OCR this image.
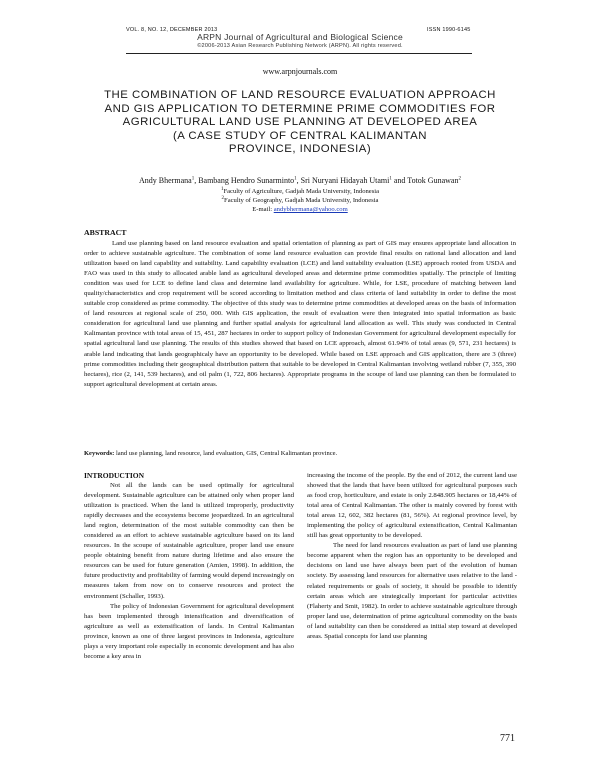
VOL. 8, NO. 12, DECEMBER 2013	ISSN 1990-6145
ARPN Journal of Agricultural and Biological Science
©2006-2013 Asian Research Publishing Network (ARPN). All rights reserved.
www.arpnjournals.com
THE COMBINATION OF LAND RESOURCE EVALUATION APPROACH
AND GIS APPLICATION TO DETERMINE PRIME COMMODITIES FOR
AGRICULTURAL LAND USE PLANNING AT DEVELOPED AREA
(A CASE STUDY OF CENTRAL KALIMANTAN
PROVINCE, INDONESIA)
Andy Bhermana$^1$, Bambang Hendro Sunarminto$^1$, Sri Nuryani Hidayah Utami$^1$ and Totok Gunawan$^2$
$^1$Faculty of Agriculture, Gadjah Mada University, Indonesia
$^2$Faculty of Geography, Gadjah Mada University, Indonesia
E-mail: andybhermana@yahoo.com
ABSTRACT

Land use planning based on land resource evaluation and spatial orientation of planning as part of GIS may ensures appropriate land allocation in order to achieve sustainable agriculture. The combination of some land resource evaluation can provide final results on rational land allocation and land utilization based on land capability and suitability. Land capability evaluation (LCE) and land suitability evaluation (LSE) approach rooted from USDA and FAO was used in this study to allocated arable land as agricultural developed areas and determine prime commodities spatially. The principle of limiting condition was used for LCE to define land class and determine land availability for agriculture. While, for LSE, procedure of matching between land quality/characteristics and crop requirement will be scored according to limitation method and class criteria of land suitability in order to define the most suitable crop considered as prime commodity. The objective of this study was to determine prime commodities at developed areas on the basis of information of land resources at regional scale of 250, 000. With GIS application, the result of evaluation were then integrated into spatial information as basic consideration for agricultural land use planning and further spatial analysis for agricultural land allocation as well. This study was conducted in Central Kalimantan province with total areas of 15, 451, 287 hectares in order to support policy of Indonesian Government for agricultural development especially for spatial agricultural land use planning. The results of this studies showed that based on LCE approach, almost 61.94% of total areas (9, 571, 231 hectares) is arable land indicating that lands geographicaly have an opportunity to be developed. While based on LSE approach and GIS application, there are 3 (three) prime commodities including their geographical distribution pattern that suitable to be developed in Central Kalimantan involving wetland rubber (7, 355, 390 hectares), rice (2, 141, 539 hectares), and oil palm (1, 722, 806 hectares). Appropriate programs in the scoupe of land use planning can then be formulated to support agricultural development at certain areas.

Keywords: land use planning, land resource, land evaluation, GIS, Central Kalimantan province.

INTRODUCTION

Not all the lands can be used optimally for agricultural development. Sustainable agriculture can be attained only when proper land utilization is practiced. When the land is utilized improperly, productivity rapidly decreases and the ecosystems become jeopardized. In an agricultural land region, determination of the most suitable commodity can then be considered as an effort to achieve sustainable agriculture based on its land resources. In the scoupe of sustainable agriculture, proper land use ensure people obtaining benefit from nature during lifetime and also ensure the resources can be used for future generation (Amien, 1998). In addition, the future productivity and profitability of farming would depend increasingly on measures taken from now on to conserve resources and protect the environment (Schaller, 1993).

The policy of Indonesian Government for agricultural development has been implemented through intensification and diversification of agriculture as well as extensification of lands. In Central Kalimantan province, known as one of three largest provinces in Indonesia, agriculture plays a very important role especially in economic development and has also become a key area in

increasing the income of the people. By the end of 2012, the current land use showed that the lands that have been utilized for agricultural purposes such as food crop, horticulture, and estate is only 2.848.905 hectares or 18,44% of total area of Central Kalimantan. The other is mainly covered by forest with total areas 12, 602, 382 hectares (81, 56%). At regional province level, by implementing the policy of agricultural extensification, Central Kalimantan still has great opportunity to be developed.

The need for land resources evaluation as part of land use planning become apparent when the region has an opportunity to be developed and decisions on land use have always been part of the evolution of human society. By assessing land resources for alternative uses relative to the land - related requirements or goals of society, it should be possible to identify certain areas which are strategically important for particular activities (Flaherty and Smit, 1982). In order to achieve sustainable agriculture through proper land use, determination of prime agricultural commodity on the basis of land suitability can then be considered as initial step toward at developed areas. Spatial concepts for land use planning

771
